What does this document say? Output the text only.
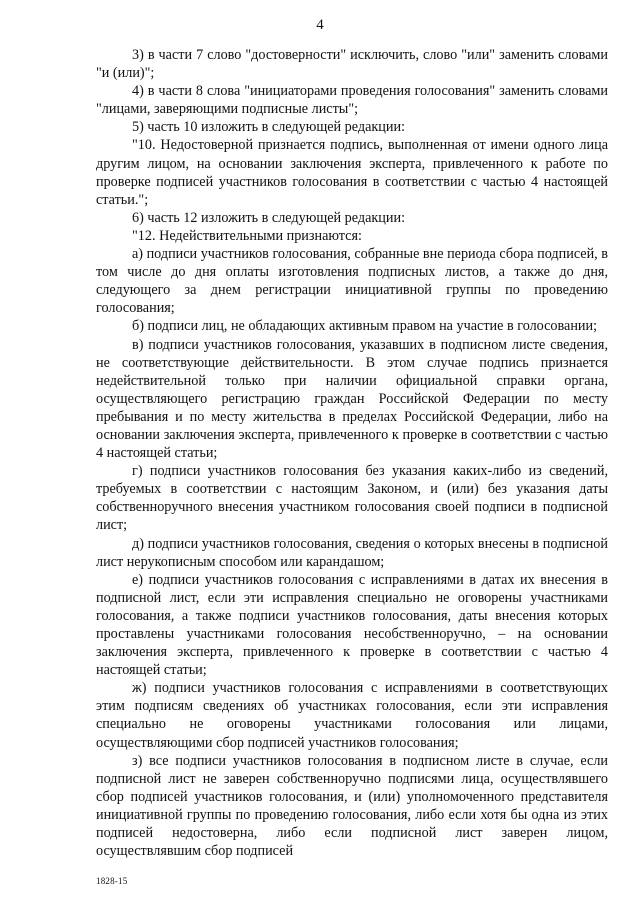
4

3) в части 7 слово "достоверности" исключить, слово "или" заменить словами "и (или)";

4) в части 8 слова "инициаторами проведения голосования" заменить словами "лицами, заверяющими подписные листы";

5) часть 10 изложить в следующей редакции:

"10. Недостоверной признается подпись, выполненная от имени одного лица другим лицом, на основании заключения эксперта, привлеченного к работе по проверке подписей участников голосования в соответствии с частью 4 настоящей статьи.";

6) часть 12 изложить в следующей редакции:

"12. Недействительными признаются:

а) подписи участников голосования, собранные вне периода сбора подписей, в том числе до дня оплаты изготовления подписных листов, а также до дня, следующего за днем регистрации инициативной группы по проведению голосования;

б) подписи лиц, не обладающих активным правом на участие в голосовании;

в) подписи участников голосования, указавших в подписном листе сведения, не соответствующие действительности. В этом случае подпись признается недействительной только при наличии официальной справки органа, осуществляющего регистрацию граждан Российской Федерации по месту пребывания и по месту жительства в пределах Российской Федерации, либо на основании заключения эксперта, привлеченного к проверке в соответствии с частью 4 настоящей статьи;

г) подписи участников голосования без указания каких-либо из сведений, требуемых в соответствии с настоящим Законом, и (или) без указания даты собственноручного внесения участником голосования своей подписи в подписной лист;

д) подписи участников голосования, сведения о которых внесены в подписной лист нерукописным способом или карандашом;

е) подписи участников голосования с исправлениями в датах их внесения в подписной лист, если эти исправления специально не оговорены участниками голосования, а также подписи участников голосования, даты внесения которых проставлены участниками голосования несобственноручно, – на основании заключения эксперта, привлеченного к проверке в соответствии с частью 4 настоящей статьи;

ж) подписи участников голосования с исправлениями в соответствующих этим подписям сведениях об участниках голосования, если эти исправления специально не оговорены участниками голосования или лицами, осуществляющими сбор подписей участников голосования;

з) все подписи участников голосования в подписном листе в случае, если подписной лист не заверен собственноручно подписями лица, осуществлявшего сбор подписей участников голосования, и (или) уполномоченного представителя инициативной группы по проведению голосования, либо если хотя бы одна из этих подписей недостоверна, либо если подписной лист заверен лицом, осуществлявшим сбор подписей

1828-15
